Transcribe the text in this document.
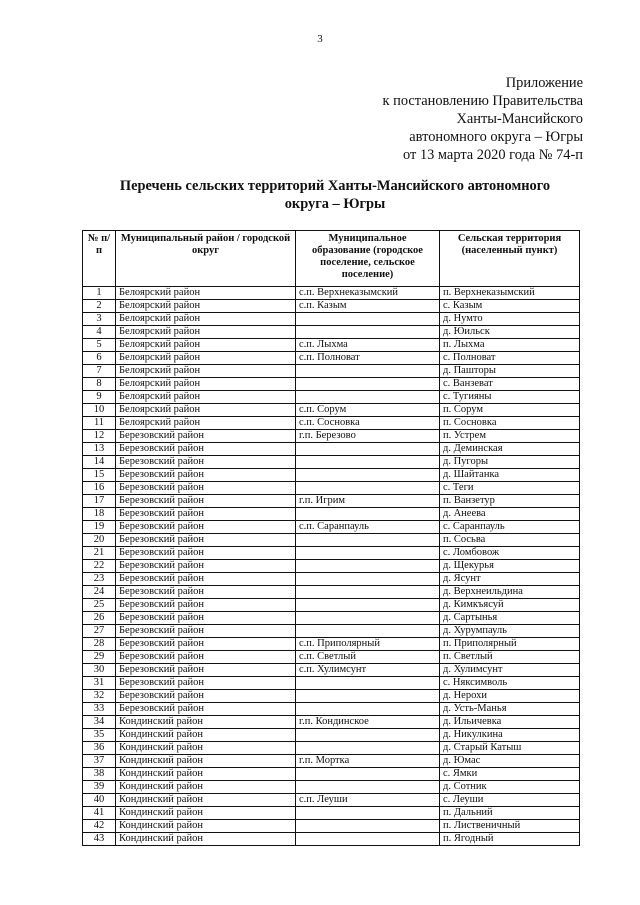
3
Приложение
к постановлению Правительства
Ханты-Мансийского
автономного округа – Югры
от 13 марта 2020 года № 74-п
Перечень сельских территорий Ханты-Мансийского автономного
округа – Югры
№ п/п	Муниципальный район / городской округ	Муниципальное образование (городское поселение, сельское поселение)	Сельская территория (населенный пункт)
1	Белоярский район	с.п. Верхнеказымский	п. Верхнеказымский
2	Белоярский район	с.п. Казым	с. Казым
3	Белоярский район		д. Нумто
4	Белоярский район		д. Юильск
5	Белоярский район	с.п. Лыхма	п. Лыхма
6	Белоярский район	с.п. Полноват	с. Полноват
7	Белоярский район		д. Пашторы
8	Белоярский район		с. Ванзеват
9	Белоярский район		с. Тугияны
10	Белоярский район	с.п. Сорум	п. Сорум
11	Белоярский район	с.п. Сосновка	п. Сосновка
12	Березовский район	г.п. Березово	п. Устрем
13	Березовский район		д. Деминская
14	Березовский район		д. Пугоры
15	Березовский район		д. Шайтанка
16	Березовский район		с. Теги
17	Березовский район	г.п. Игрим	п. Ванзетур
18	Березовский район		д. Анеева
19	Березовский район	с.п. Саранпауль	с. Саранпауль
20	Березовский район		п. Сосьва
21	Березовский район		с. Ломбовож
22	Березовский район		д. Щекурья
23	Березовский район		д. Ясунт
24	Березовский район		д. Верхнеильдина
25	Березовский район		д. Кимкъясуй
26	Березовский район		д. Сартынья
27	Березовский район		д. Хурумпауль
28	Березовский район	с.п. Приполярный	п. Приполярный
29	Березовский район	с.п. Светлый	п. Светлый
30	Березовский район	с.п. Хулимсунт	д. Хулимсунт
31	Березовский район		с. Няксимволь
32	Березовский район		д. Нерохи
33	Березовский район		д. Усть-Манья
34	Кондинский район	г.п. Кондинское	д. Ильичевка
35	Кондинский район		д. Никулкина
36	Кондинский район		д. Старый Катыш
37	Кондинский район	г.п. Мортка	д. Юмас
38	Кондинский район		с. Ямки
39	Кондинский район		д. Сотник
40	Кондинский район	с.п. Леуши	с. Леуши
41	Кондинский район		п. Дальний
42	Кондинский район		п. Лиственичный
43	Кондинский район		п. Ягодный
